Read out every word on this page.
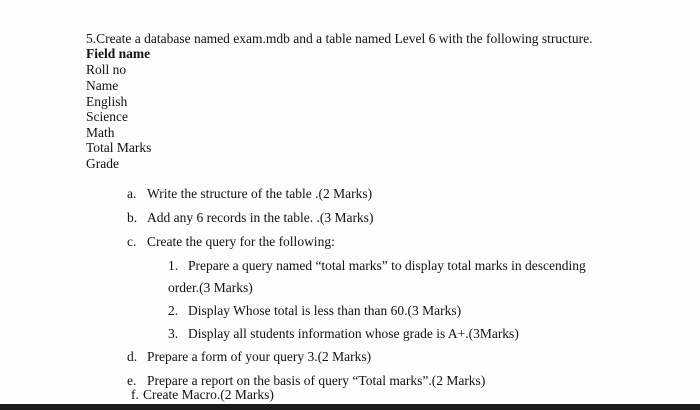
5.Create a database named exam.mdb and a table named Level 6 with the following structure.
Field name
Roll no
Name
English
Science
Math
Total Marks
Grade
a. Write the structure of the table .(2 Marks)
b. Add any 6 records in the table. .(3 Marks)
c. Create the query for the following:
1. Prepare a query named “total marks” to display total marks in descending
order.(3 Marks)
2. Display Whose total is less than than 60.(3 Marks)
3. Display all students information whose grade is A+.(3Marks)
d. Prepare a form of your query 3.(2 Marks)
e. Prepare a report on the basis of query “Total marks”.(2 Marks)
f. Create Macro.(2 Marks)
